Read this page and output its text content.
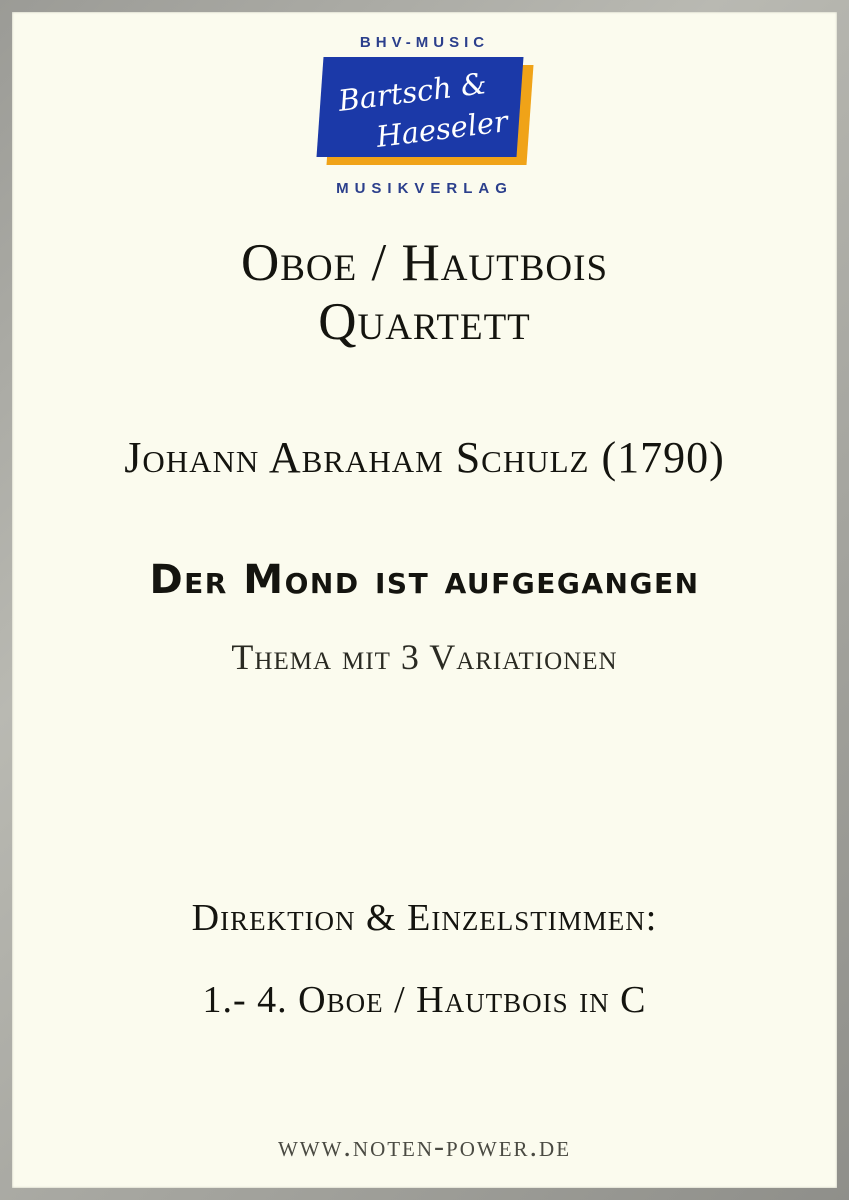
BHV-MUSIC
Bartsch &
Haeseler
MUSIKVERLAG
Oboe / Hautbois
Quartett
Johann Abraham Schulz (1790)
Der Mond ist aufgegangen
Thema mit 3 Variationen
Direktion & Einzelstimmen:
1.- 4. Oboe / Hautbois in C
www.noten-power.de
